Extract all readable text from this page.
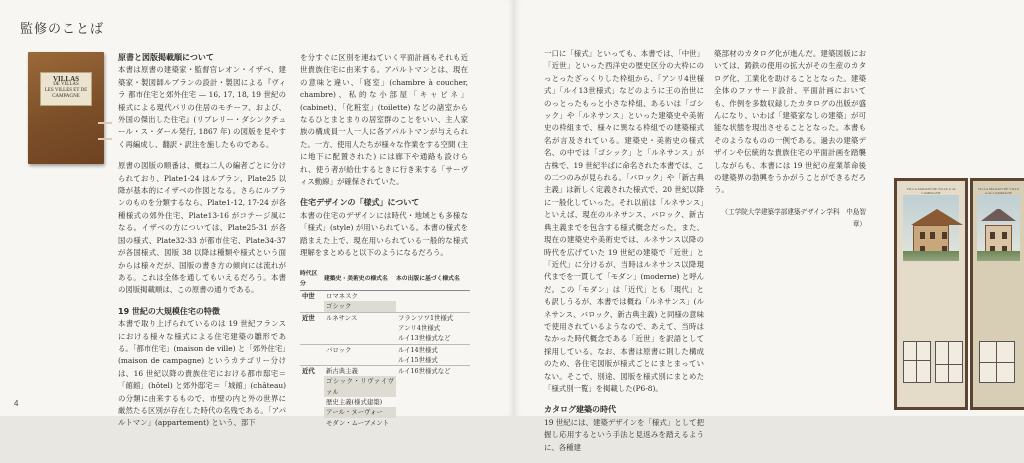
監修のことば
VILLAS
DE VILLAS
LES VILLES ET DE CAMPAGNE
原書と図版掲載順について

本書は原書の建築家・監督官レオン・イザベ、建築家・製図師ルブランの設計・製図による『ヴィラ 都市住宅と郊外住宅 — 16, 17, 18, 19 世紀の様式による現代パリの住居のモチーフ、および、外国の傑出した住宅』(リブレリー・ダシンクチュール・ス・ダール発行, 1867 年) の図版を見やすく再編成し、翻訳・訳注を施したものである。

原書の図版の順番は、概ね二人の編者ごとに分けられており、Plate1-24 はルブラン、Plate25 以降が基本的にイザベの作図となる。さらにルブランのものを分類するなら、Plate1-12, 17-24 が各種様式の郊外住宅、Plate13-16 がコテージ風になる。イザベの方については、Plate25-31 が各国の様式、Plate32-33 が都市住宅、Plate34-37 が各国様式、図版 38 以降は種類や様式という面からは様々だが、国版の書き方の傾向には流れがある。これは全体を通してもいえるだろう。本書の図版掲載順は、この原書の通りである。

19 世紀の大規模住宅の特徴

本書で取り上げられているのは 19 世紀フランスにおける様々な様式による住宅建築の雛形である。「都市住宅」(maison de ville) と「郊外住宅」(maison de campagne) というカテゴリー分けは、16 世紀以降の貴族住宅における都市邸宅＝「館館」(hôtel) と郊外邸宅＝「城館」(château) の分類に由来するもので、市壁の内と外の世界に厳然たる区別が存在した時代の名残である。「アパルトマン」(appartement) という、部下

を分すぐに区別を連ねていく平面計画もそれも近世貴族住宅に由来する。アパルトマンとは、現在の意味と違い、「寝室」(chambre à coucher, chambre)、私的な小部屋「キャビネ」(cabinet)、「化粧室」(toilette) などの諸室からなるひとまとまりの居室群のことをいい、主人家族の構成員一人一人に各アパルトマンが与えられた。一方、使用人たちが様々な作業をする空間 (主に地下に配置された) には廊下や通路も設けられ、使う者が給仕するときに行き来する「サーヴィス動線」が確保されていた。

住宅デザインの「様式」について

本書の住宅のデザインには時代・地域とも多様な「様式」(style) が用いられている。本書の様式を踏まえた上で、現在用いられている一般的な様式理解をまとめると以下のようになるだろう。

時代区分	建築史・美術史の様式名	本の出版に基づく様式名
中世	ロマネスク	
	ゴシック	
近世	ルネサンス	フランソワ1世様式
		アンリ4世様式
		ルイ13世様式など
	バロック	ルイ14世様式
		ルイ15世様式
近代	新古典主義	ルイ16世様式など
	ゴシック・リヴァイヴァル	
	歴史主義(様式建築)	
	アール・ヌーヴォー	
	モダン・ムーブメント	
4

一口に「様式」といっても、本書では、「中世」「近世」といった西洋史の歴史区分の大枠にのっとったざっくりした枠組から、「アンリ4世様式」「ルイ13世様式」などのように王の治世にのっとったもっと小さな枠組、あるいは「ゴシック」や「ルネサンス」といった建築史や美術史の枠組まで、様々に異なる枠組での建築様式名が言及されている。建築史・美術史の様式名、の中では「ゴシック」と「ルネサンス」が古株で、19 世紀半ばに命名された本書では、この二つのみが見られる。「バロック」や「新古典主義」は新しく定義された様式で、20 世紀以降に一般化していった。それ以前は「ルネサンス」といえば、現在のルネサンス、バロック、新古典主義までを包含する様式概念だった。また、現在の建築史や美術史では、ルネサンス以降の時代を広げていた 19 世紀の建築で「近世」と「近代」に分けるが、当時はルネサンス以降現代までを一貫して「モダン」(moderne) と呼んだ。この「モダン」は「近代」とも「現代」とも訳しうるが、本書では概ね「ルネサンス」(ルネサンス、バロック、新古典主義) と同様の意味で使用されているようなので、あえて、当時はなかった時代概念である「近世」を訳語として採用している。なお、本書は原書に則した構成のため、各住宅図版が様式ごとにまとまっていない。そこで、別途、図版を様式別にまとめた「様式別一覧」を掲載した(P6-8)。

カタログ建築の時代

19 世紀には、建築デザインを「様式」として把握し応用するという手法と見返みを踏えるように、各種建

築部材のカタログ化が進んだ。建築図版においては、鋳鉄の使用の拡大がその生産のカタログ化、工業化を助けることとなった。建築全体のファサード設計、平面計画においても、作例を多数収録したカタログの出版が盛んになり、いわば「建築家なしの建築」が可能な状態を現出させることとなった。本書もそのようなものの一例である。過去の建築デザインや伝統的な貴族住宅の平面計画を踏襲しながらも、本書には 19 世紀の産業革命後の建築界の勃興をうかがうことができるだろう。

（工学院大学建築学部建築デザイン学科　中島智章）
VILLA MAISON DE VILLE et de CAMPAGNE
VILLA MAISON DE VILLE et de CAMPAGNE
